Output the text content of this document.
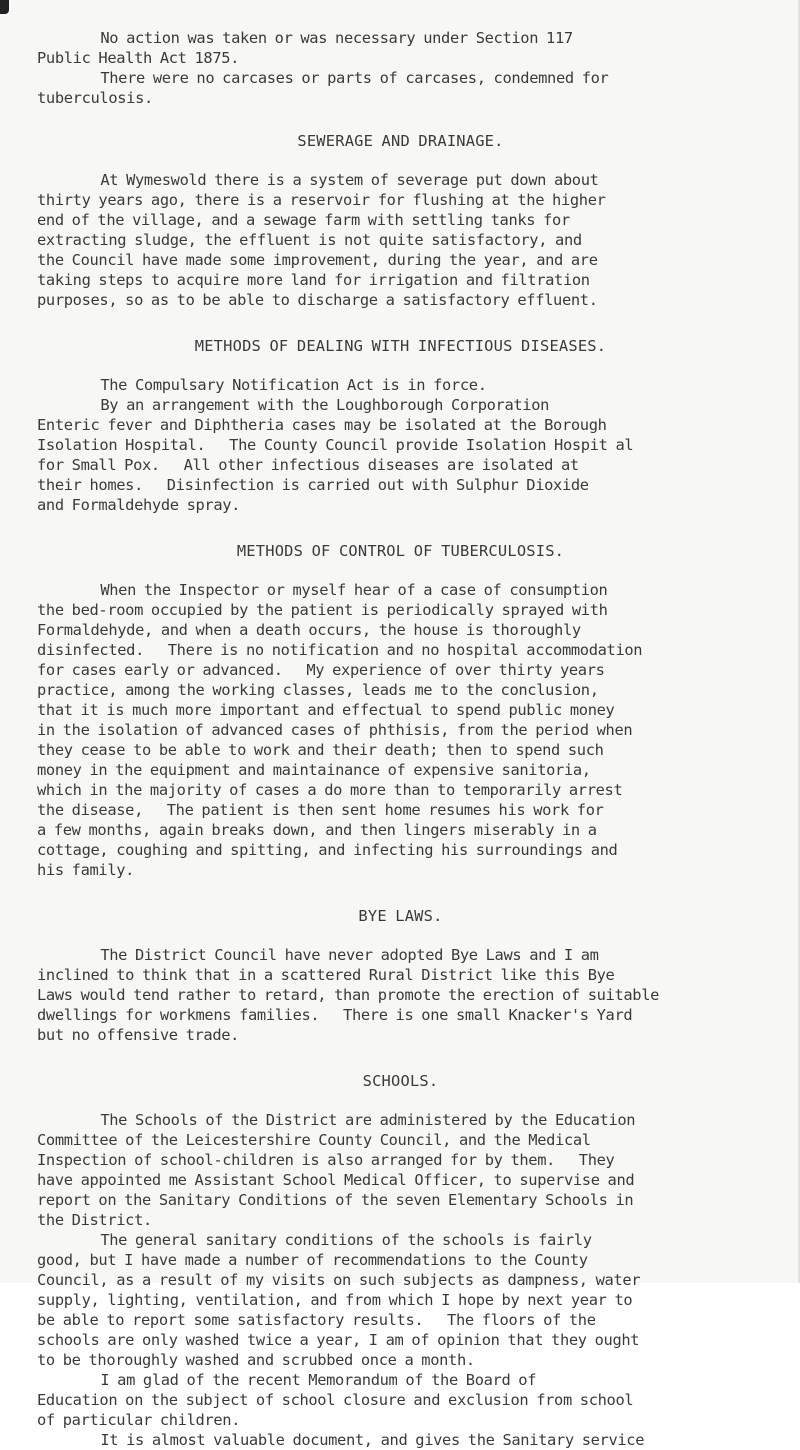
No action was taken or was necessary under Section 117

Public Health Act 1875.

There were no carcases or parts of carcases, condemned for

tuberculosis.

SEWERAGE AND DRAINAGE.

At Wymeswold there is a system of severage put down about

thirty years ago, there is a reservoir for flushing at the higher

end of the village, and a sewage farm with settling tanks for

extracting sludge, the effluent is not quite satisfactory, and

the Council have made some improvement, during the year, and are

taking steps to acquire more land for irrigation and filtration

purposes, so as to be able to discharge a satisfactory effluent.

METHODS OF DEALING WITH INFECTIOUS DISEASES.

The Compulsary Notification Act is in force.

By an arrangement with the Loughborough Corporation

Enteric fever and Diphtheria cases may be isolated at the Borough

Isolation Hospital.   The County Council provide Isolation Hospit al

for Small Pox.   All other infectious diseases are isolated at

their homes.   Disinfection is carried out with Sulphur Dioxide

and Formaldehyde spray.

METHODS OF CONTROL OF TUBERCULOSIS.

When the Inspector or myself hear of a case of consumption

the bed-room occupied by the patient is periodically sprayed with

Formaldehyde, and when a death occurs, the house is thoroughly

disinfected.   There is no notification and no hospital accommodation

for cases early or advanced.   My experience of over thirty years

practice, among the working classes, leads me to the conclusion,

that it is much more important and effectual to spend public money

in the isolation of advanced cases of phthisis, from the period when

they cease to be able to work and their death; then to spend such

money in the equipment and maintainance of expensive sanitoria,

which in the majority of cases a do more than to temporarily arrest

the disease,   The patient is then sent home resumes his work for

a few months, again breaks down, and then lingers miserably in a

cottage, coughing and spitting, and infecting his surroundings and

his family.

BYE LAWS.

The District Council have never adopted Bye Laws and I am

inclined to think that in a scattered Rural District like this Bye

Laws would tend rather to retard, than promote the erection of suitable

dwellings for workmens families.   There is one small Knacker's Yard

but no offensive trade.

SCHOOLS.

The Schools of the District are administered by the Education

Committee of the Leicestershire County Council, and the Medical

Inspection of school-children is also arranged for by them.   They

have appointed me Assistant School Medical Officer, to supervise and

report on the Sanitary Conditions of the seven Elementary Schools in

the District.

The general sanitary conditions of the schools is fairly

good, but I have made a number of recommendations to the County

Council, as a result of my visits on such subjects as dampness, water

supply, lighting, ventilation, and from which I hope by next year to

be able to report some satisfactory results.   The floors of the

schools are only washed twice a year, I am of opinion that they ought

to be thoroughly washed and scrubbed once a month.

I am glad of the recent Memorandum of the Board of

Education on the subject of school closure and exclusion from school

of particular children.

It is almost valuable document, and gives the Sanitary service
